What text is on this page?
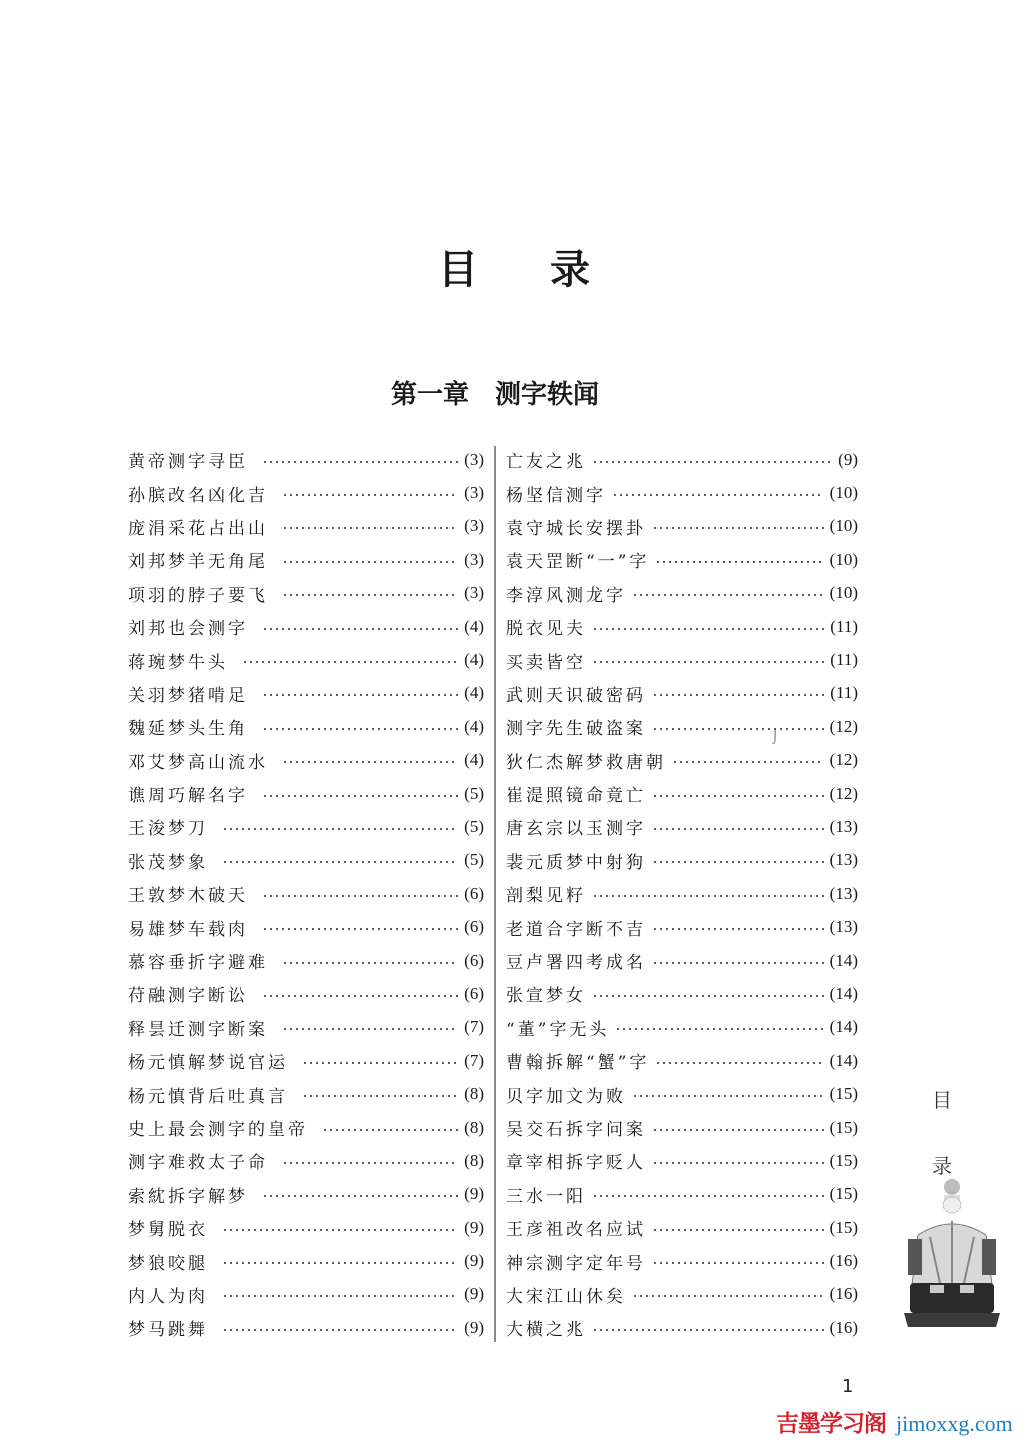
目 录
第一章 测字轶闻
黄帝测字寻臣	(3)
孙膑改名凶化吉	(3)
庞涓采花占出山	(3)
刘邦梦羊无角尾	(3)
项羽的脖子要飞	(3)
刘邦也会测字	(4)
蒋琬梦牛头	(4)
关羽梦猪啃足	(4)
魏延梦头生角	(4)
邓艾梦高山流水	(4)
谯周巧解名字	(5)
王浚梦刀	(5)
张茂梦象	(5)
王敦梦木破天	(6)
易雄梦车载肉	(6)
慕容垂折字避难	(6)
苻融测字断讼	(6)
释昙迁测字断案	(7)
杨元慎解梦说官运	(7)
杨元慎背后吐真言	(8)
史上最会测字的皇帝	(8)
测字难救太子命	(8)
索紞拆字解梦	(9)
梦舅脱衣	(9)
梦狼咬腿	(9)
内人为肉	(9)
梦马跳舞	(9)
亡友之兆	(9)
杨坚信测字	(10)
袁守城长安摆卦	(10)
袁天罡断“一”字	(10)
李淳风测龙字	(10)
脱衣见夫	(11)
买卖皆空	(11)
武则天识破密码	(11)
测字先生破盗案	(12)
狄仁杰解梦救唐朝	(12)
崔湜照镜命竟亡	(12)
唐玄宗以玉测字	(13)
裴元质梦中射狗	(13)
剖梨见籽	(13)
老道合字断不吉	(13)
豆卢署四考成名	(14)
张宣梦女	(14)
“董”字无头	(14)
曹翰拆解“蟹”字	(14)
贝字加文为败	(15)
吴交石拆字问案	(15)
章宰相拆字贬人	(15)
三水一阳	(15)
王彦祖改名应试	(15)
神宗测字定年号	(16)
大宋江山休矣	(16)
大横之兆	(16)
⌡
目
录
1
吉墨学习阁 jimoxxg.com
